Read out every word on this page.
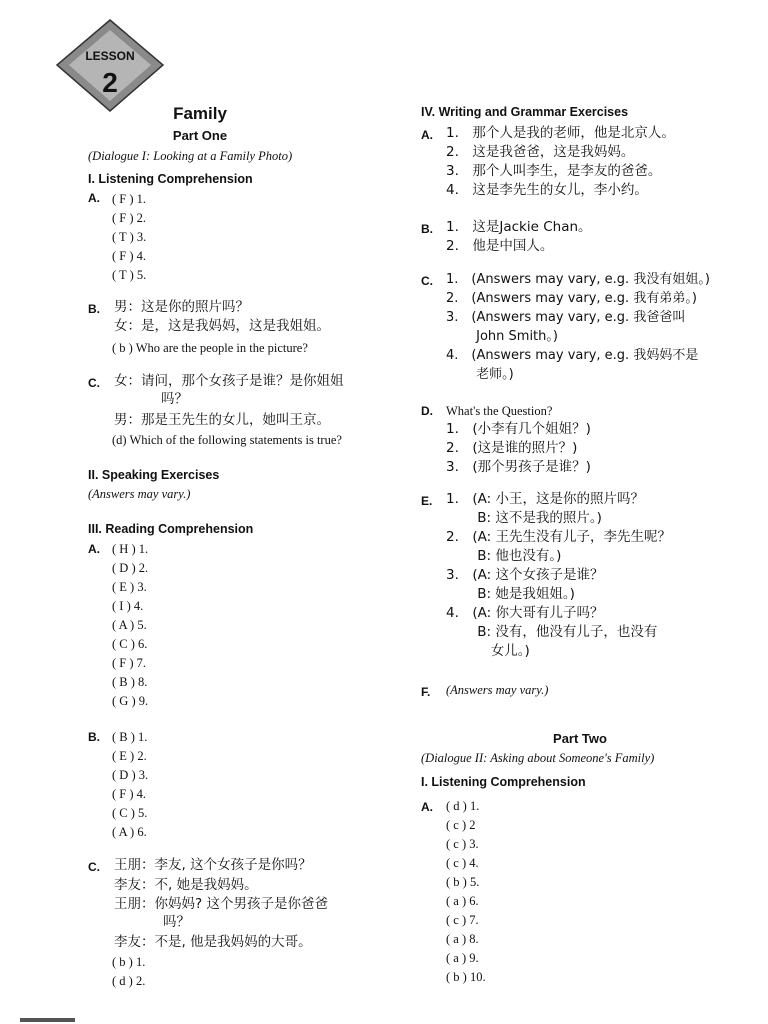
LESSON
2
Family
Part One
(Dialogue I: Looking at a Family Photo)
I. Listening Comprehension
A. ( F ) 1.
( F ) 2.
( T ) 3.
( F ) 4.
( T ) 5.
B. 男：这是你的照片吗？
女：是，这是我妈妈，这是我姐姐。
( b ) Who are the people in the picture?
C. 女：请问，那个女孩子是谁？是你姐姐
吗？
男：那是王先生的女儿，她叫王京。
(d) Which of the following statements is true?
II. Speaking Exercises
(Answers may vary.)
III. Reading Comprehension
A. ( H ) 1.
( D ) 2.
( E ) 3.
( I ) 4.
( A ) 5.
( C ) 6.
( F ) 7.
( B ) 8.
( G ) 9.
B. ( B ) 1.
( E ) 2.
( D ) 3.
( F ) 4.
( C ) 5.
( A ) 6.
C. 王朋：李友, 这个女孩子是你吗？
李友：不, 她是我妈妈。
王朋：你妈妈? 这个男孩子是你爸爸
吗？
李友：不是, 他是我妈妈的大哥。
( b ) 1.
( d ) 2.
IV. Writing and Grammar Exercises
A. 1.　那个人是我的老师，他是北京人。
2.　这是我爸爸，这是我妈妈。
3.　那个人叫李生，是李友的爸爸。
4.　这是李先生的女儿，李小约。
B. 1.　这是Jackie Chan。
2.　他是中国人。
C. 1.　(Answers may vary, e.g. 我没有姐姐。)
2.　(Answers may vary, e.g. 我有弟弟。)
3.　(Answers may vary, e.g. 我爸爸叫
　　 John Smith。)
4.　(Answers may vary, e.g. 我妈妈不是
　　 老师。)
D. What's the Question?
1.　(小李有几个姐姐？)
2.　(这是谁的照片？)
3.　(那个男孩子是谁？)
E. 1.　(A: 小王，这是你的照片吗？
　　 B: 这不是我的照片。)
2.　(A: 王先生没有儿子，李先生呢？
　　 B: 他也没有。)
3.　(A: 这个女孩子是谁？
　　 B: 她是我姐姐。)
4.　(A: 你大哥有儿子吗？
　　 B: 没有，他没有儿子，也没有
　　　 女儿。)
F. (Answers may vary.)
Part Two
(Dialogue II: Asking about Someone's Family)
I. Listening Comprehension
A. ( d ) 1.
( c ) 2
( c ) 3.
( c ) 4.
( b ) 5.
( a ) 6.
( c ) 7.
( a ) 8.
( a ) 9.
( b ) 10.
